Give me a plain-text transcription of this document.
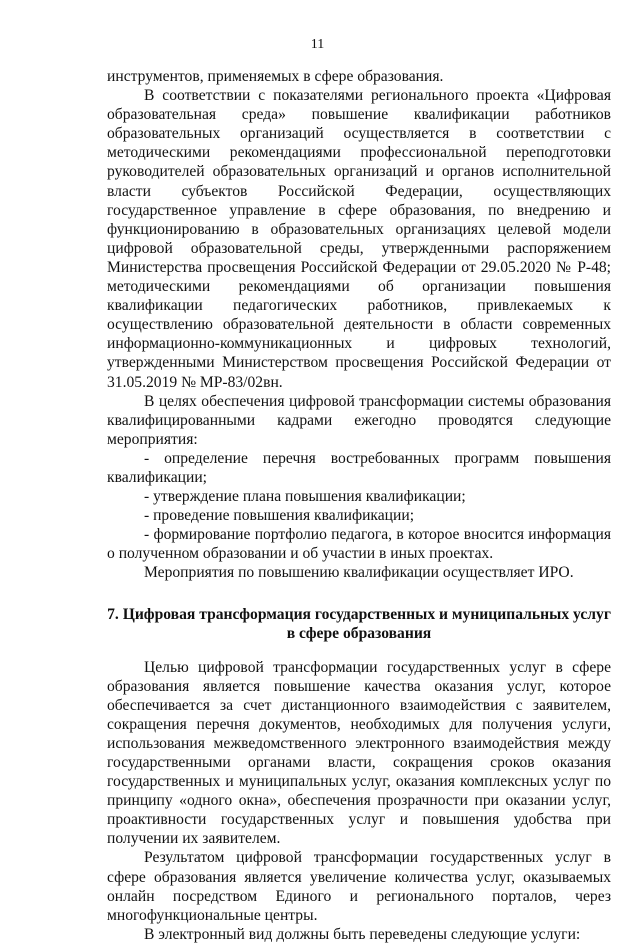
11

инструментов, применяемых в сфере образования.

В соответствии с показателями регионального проекта «Цифровая образовательная среда» повышение квалификации работников образовательных организаций осуществляется в соответствии с методическими рекомендациями профессиональной переподготовки руководителей образовательных организаций и органов исполнительной власти субъектов Российской Федерации, осуществляющих государственное управление в сфере образования, по внедрению и функционированию в образовательных организациях целевой модели цифровой образовательной среды, утвержденными распоряжением Министерства просвещения Российской Федерации от 29.05.2020 № Р-48; методическими рекомендациями об организации повышения квалификации педагогических работников, привлекаемых к осуществлению образовательной деятельности в области современных информационно-коммуникационных и цифровых технологий, утвержденными Министерством просвещения Российской Федерации от 31.05.2019 № МР-83/02вн.

В целях обеспечения цифровой трансформации системы образования квалифицированными кадрами ежегодно проводятся следующие мероприятия:

- определение перечня востребованных программ повышения квалификации;

- утверждение плана повышения квалификации;

- проведение повышения квалификации;

- формирование портфолио педагога, в которое вносится информация о полученном образовании и об участии в иных проектах.

Мероприятия по повышению квалификации осуществляет ИРО.

7. Цифровая трансформация государственных и муниципальных услуг
в сфере образования

Целью цифровой трансформации государственных услуг в сфере образования является повышение качества оказания услуг, которое обеспечивается за счет дистанционного взаимодействия с заявителем, сокращения перечня документов, необходимых для получения услуги, использования межведомственного электронного взаимодействия между государственными органами власти, сокращения сроков оказания государственных и муниципальных услуг, оказания комплексных услуг по принципу «одного окна», обеспечения прозрачности при оказании услуг, проактивности государственных услуг и повышения удобства при получении их заявителем.

Результатом цифровой трансформации государственных услуг в сфере образования является увеличение количества услуг, оказываемых онлайн посредством Единого и регионального порталов, через многофункциональные центры.

В электронный вид должны быть переведены следующие услуги:
